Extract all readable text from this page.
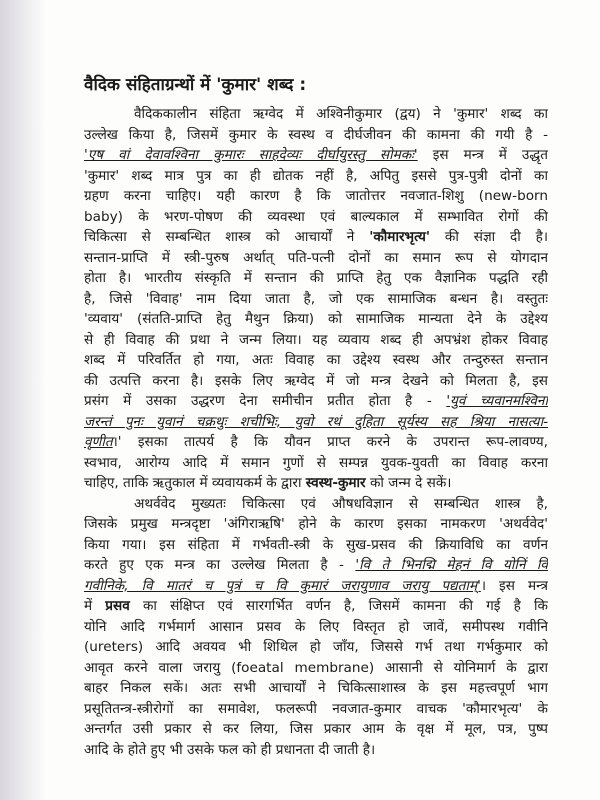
वैदिक संहिताग्रन्थों में 'कुमार' शब्द :
वैदिककालीन संहिता ऋग्वेद में अश्विनीकुमार (द्वय) ने 'कुमार' शब्द का
उल्लेख किया है, जिसमें कुमार के स्वस्थ व दीर्घजीवन की कामना की गयी है -
'एष वां देवावश्विना कुमारः साहदेव्यः दीर्घायुरस्तु सोमकः' इस मन्त्र में उद्धृत
'कुमार' शब्द मात्र पुत्र का ही द्योतक नहीं है, अपितु इससे पुत्र-पुत्री दोनों का
ग्रहण करना चाहिए। यही कारण है कि जातोत्तर नवजात-शिशु (new-born
baby) के भरण-पोषण की व्यवस्था एवं बाल्यकाल में सम्भावित रोगों की
चिकित्सा से सम्बन्धित शास्त्र को आचार्यों ने 'कौमारभृत्य' की संज्ञा दी है।
सन्तान-प्राप्ति में स्त्री-पुरुष अर्थात् पति-पत्नी दोनों का समान रूप से योगदान
होता है। भारतीय संस्कृति में सन्तान की प्राप्ति हेतु एक वैज्ञानिक पद्धति रही
है, जिसे 'विवाह' नाम दिया जाता है, जो एक सामाजिक बन्धन है। वस्तुतः
'व्यवाय' (संतति-प्राप्ति हेतु मैथुन क्रिया) को सामाजिक मान्यता देने के उद्देश्य
से ही विवाह की प्रथा ने जन्म लिया। यह व्यवाय शब्द ही अपभ्रंश होकर विवाह
शब्द में परिवर्तित हो गया, अतः विवाह का उद्देश्य स्वस्थ और तन्दुरुस्त सन्तान
की उत्पत्ति करना है। इसके लिए ऋग्वेद में जो मन्त्र देखने को मिलता है, इस
प्रसंग में उसका उद्धरण देना समीचीन प्रतीत होता है - 'युवं च्यवानमश्विना
जरन्तं पुनः युवानं चक्रथुः शचीभिः, युवो रथं दुहिता सूर्यस्य सह श्रिया नासत्या-
वृणीत।' इसका तात्पर्य है कि यौवन प्राप्त करने के उपरान्त रूप-लावण्य,
स्वभाव, आरोग्य आदि में समान गुणों से सम्पन्न युवक-युवती का विवाह करना
चाहिए, ताकि ऋतुकाल में व्यवायकर्म के द्वारा स्वस्थ-कुमार को जन्म दे सकें।
अथर्ववेद मुख्यतः चिकित्सा एवं औषधविज्ञान से सम्बन्धित शास्त्र है,
जिसके प्रमुख मन्त्रदृष्टा 'अंगिराऋषि' होने के कारण इसका नामकरण 'अथर्ववेद'
किया गया। इस संहिता में गर्भवती-स्त्री के सुख-प्रसव की क्रियाविधि का वर्णन
करते हुए एक मन्त्र का उल्लेख मिलता है - 'वि ते भिनद्मि मेहनं वि योनिं वि
गवीनिके, वि मातरं च पुत्रं च वि कुमारं जरायुणाव जरायु पद्यताम्'। इस मन्त्र
में प्रसव का संक्षिप्त एवं सारगर्भित वर्णन है, जिसमें कामना की गई है कि
योनि आदि गर्भमार्ग आसान प्रसव के लिए विस्तृत हो जावें, समीपस्थ गवीनि
(ureters) आदि अवयव भी शिथिल हो जाँय, जिससे गर्भ तथा गर्भकुमार को
आवृत करने वाला जरायु (foeatal membrane) आसानी से योनिमार्ग के द्वारा
बाहर निकल सकें। अतः सभी आचार्यों ने चिकित्साशास्त्र के इस महत्त्वपूर्ण भाग
प्रसूतितन्त्र-स्त्रीरोगों का समावेश, फलरूपी नवजात-कुमार वाचक 'कौमारभृत्य' के
अन्तर्गत उसी प्रकार से कर लिया, जिस प्रकार आम के वृक्ष में मूल, पत्र, पुष्प
आदि के होते हुए भी उसके फल को ही प्रधानता दी जाती है।
